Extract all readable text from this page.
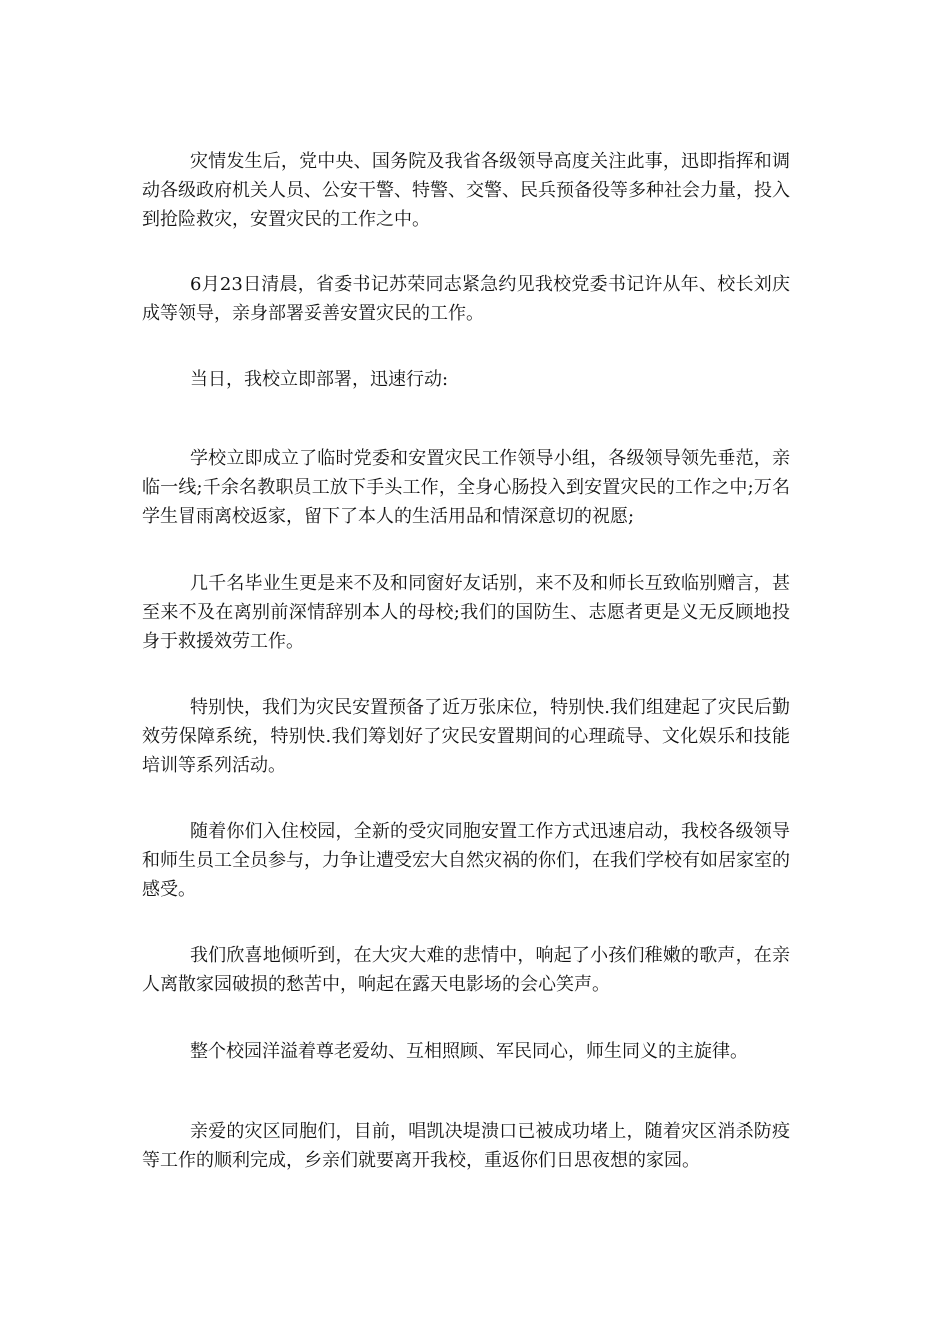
灾情发生后，党中央、国务院及我省各级领导高度关注此事，迅即指挥和调动各级政府机关人员、公安干警、特警、交警、民兵预备役等多种社会力量，投入到抢险救灾，安置灾民的工作之中。

6月23日清晨，省委书记苏荣同志紧急约见我校党委书记许从年、校长刘庆成等领导，亲身部署妥善安置灾民的工作。

当日，我校立即部署，迅速行动:

学校立即成立了临时党委和安置灾民工作领导小组，各级领导领先垂范，亲临一线;千余名教职员工放下手头工作，全身心肠投入到安置灾民的工作之中;万名学生冒雨离校返家，留下了本人的生活用品和情深意切的祝愿;

几千名毕业生更是来不及和同窗好友话别，来不及和师长互致临别赠言，甚至来不及在离别前深情辞别本人的母校;我们的国防生、志愿者更是义无反顾地投身于救援效劳工作。

特别快，我们为灾民安置预备了近万张床位，特别快.我们组建起了灾民后勤效劳保障系统，特别快.我们筹划好了灾民安置期间的心理疏导、文化娱乐和技能培训等系列活动。

随着你们入住校园，全新的受灾同胞安置工作方式迅速启动，我校各级领导和师生员工全员参与，力争让遭受宏大自然灾祸的你们，在我们学校有如居家室的感受。

我们欣喜地倾听到，在大灾大难的悲情中，响起了小孩们稚嫩的歌声，在亲人离散家园破损的愁苦中，响起在露天电影场的会心笑声。

整个校园洋溢着尊老爱幼、互相照顾、军民同心，师生同义的主旋律。

亲爱的灾区同胞们，目前，唱凯决堤溃口已被成功堵上，随着灾区消杀防疫等工作的顺利完成，乡亲们就要离开我校，重返你们日思夜想的家园。
